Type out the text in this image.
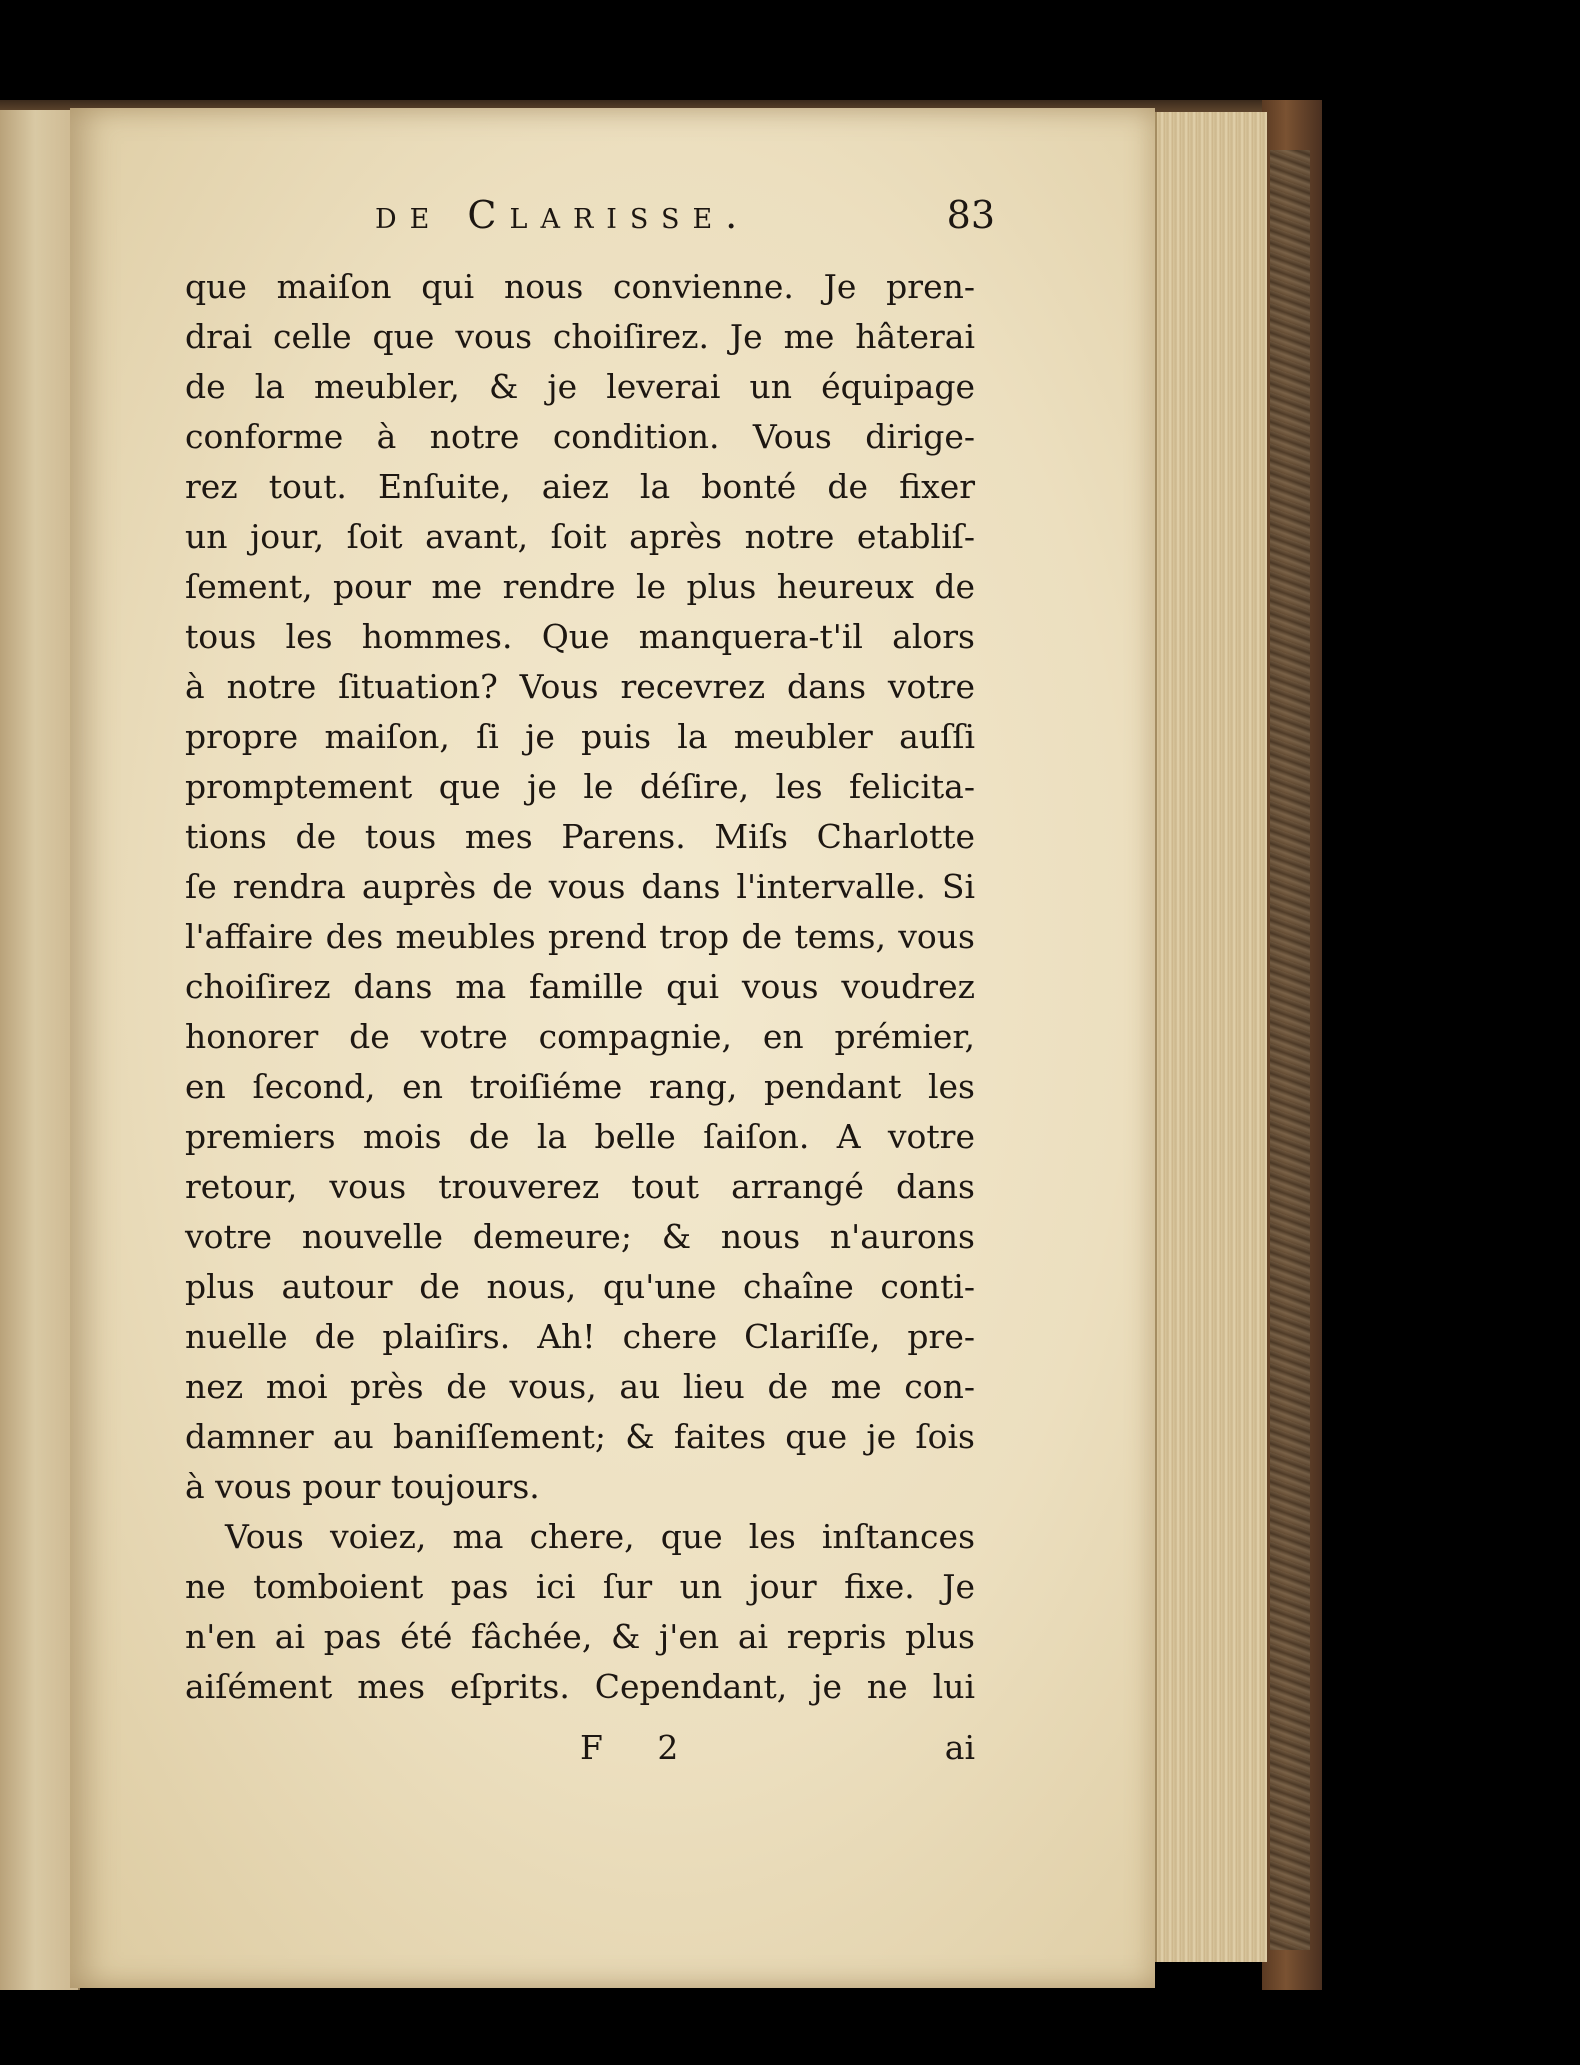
de Clarisse.	83
que maiſon qui nous convienne. Je pren-
drai celle que vous choiſirez. Je me hâterai
de la meubler, & je leverai un équipage
conforme à notre condition. Vous dirige-
rez tout. Enſuite, aiez la bonté de fixer
un jour, ſoit avant, ſoit après notre etabliſ-
ſement, pour me rendre le plus heureux de
tous les hommes. Que manquera-t'il alors
à notre ſituation? Vous recevrez dans votre
propre maiſon, ſi je puis la meubler auſſi
promptement que je le déſire, les felicita-
tions de tous mes Parens. Miſs Charlotte
ſe rendra auprès de vous dans l'intervalle. Si
l'affaire des meubles prend trop de tems, vous
choiſirez dans ma famille qui vous voudrez
honorer de votre compagnie, en prémier,
en ſecond, en troiſiéme rang, pendant les
premiers mois de la belle ſaiſon. A votre
retour, vous trouverez tout arrangé dans
votre nouvelle demeure; & nous n'aurons
plus autour de nous, qu'une chaîne conti-
nuelle de plaiſirs. Ah! chere Clariſſe, pre-
nez moi près de vous, au lieu de me con-
damner au baniſſement; & faites que je ſois
à vous pour toujours.
Vous voiez, ma chere, que les inſtances
ne tomboient pas ici ſur un jour fixe. Je
n'en ai pas été fâchée, & j'en ai repris plus
aiſément mes eſprits. Cependant, je ne lui
F 2	ai
